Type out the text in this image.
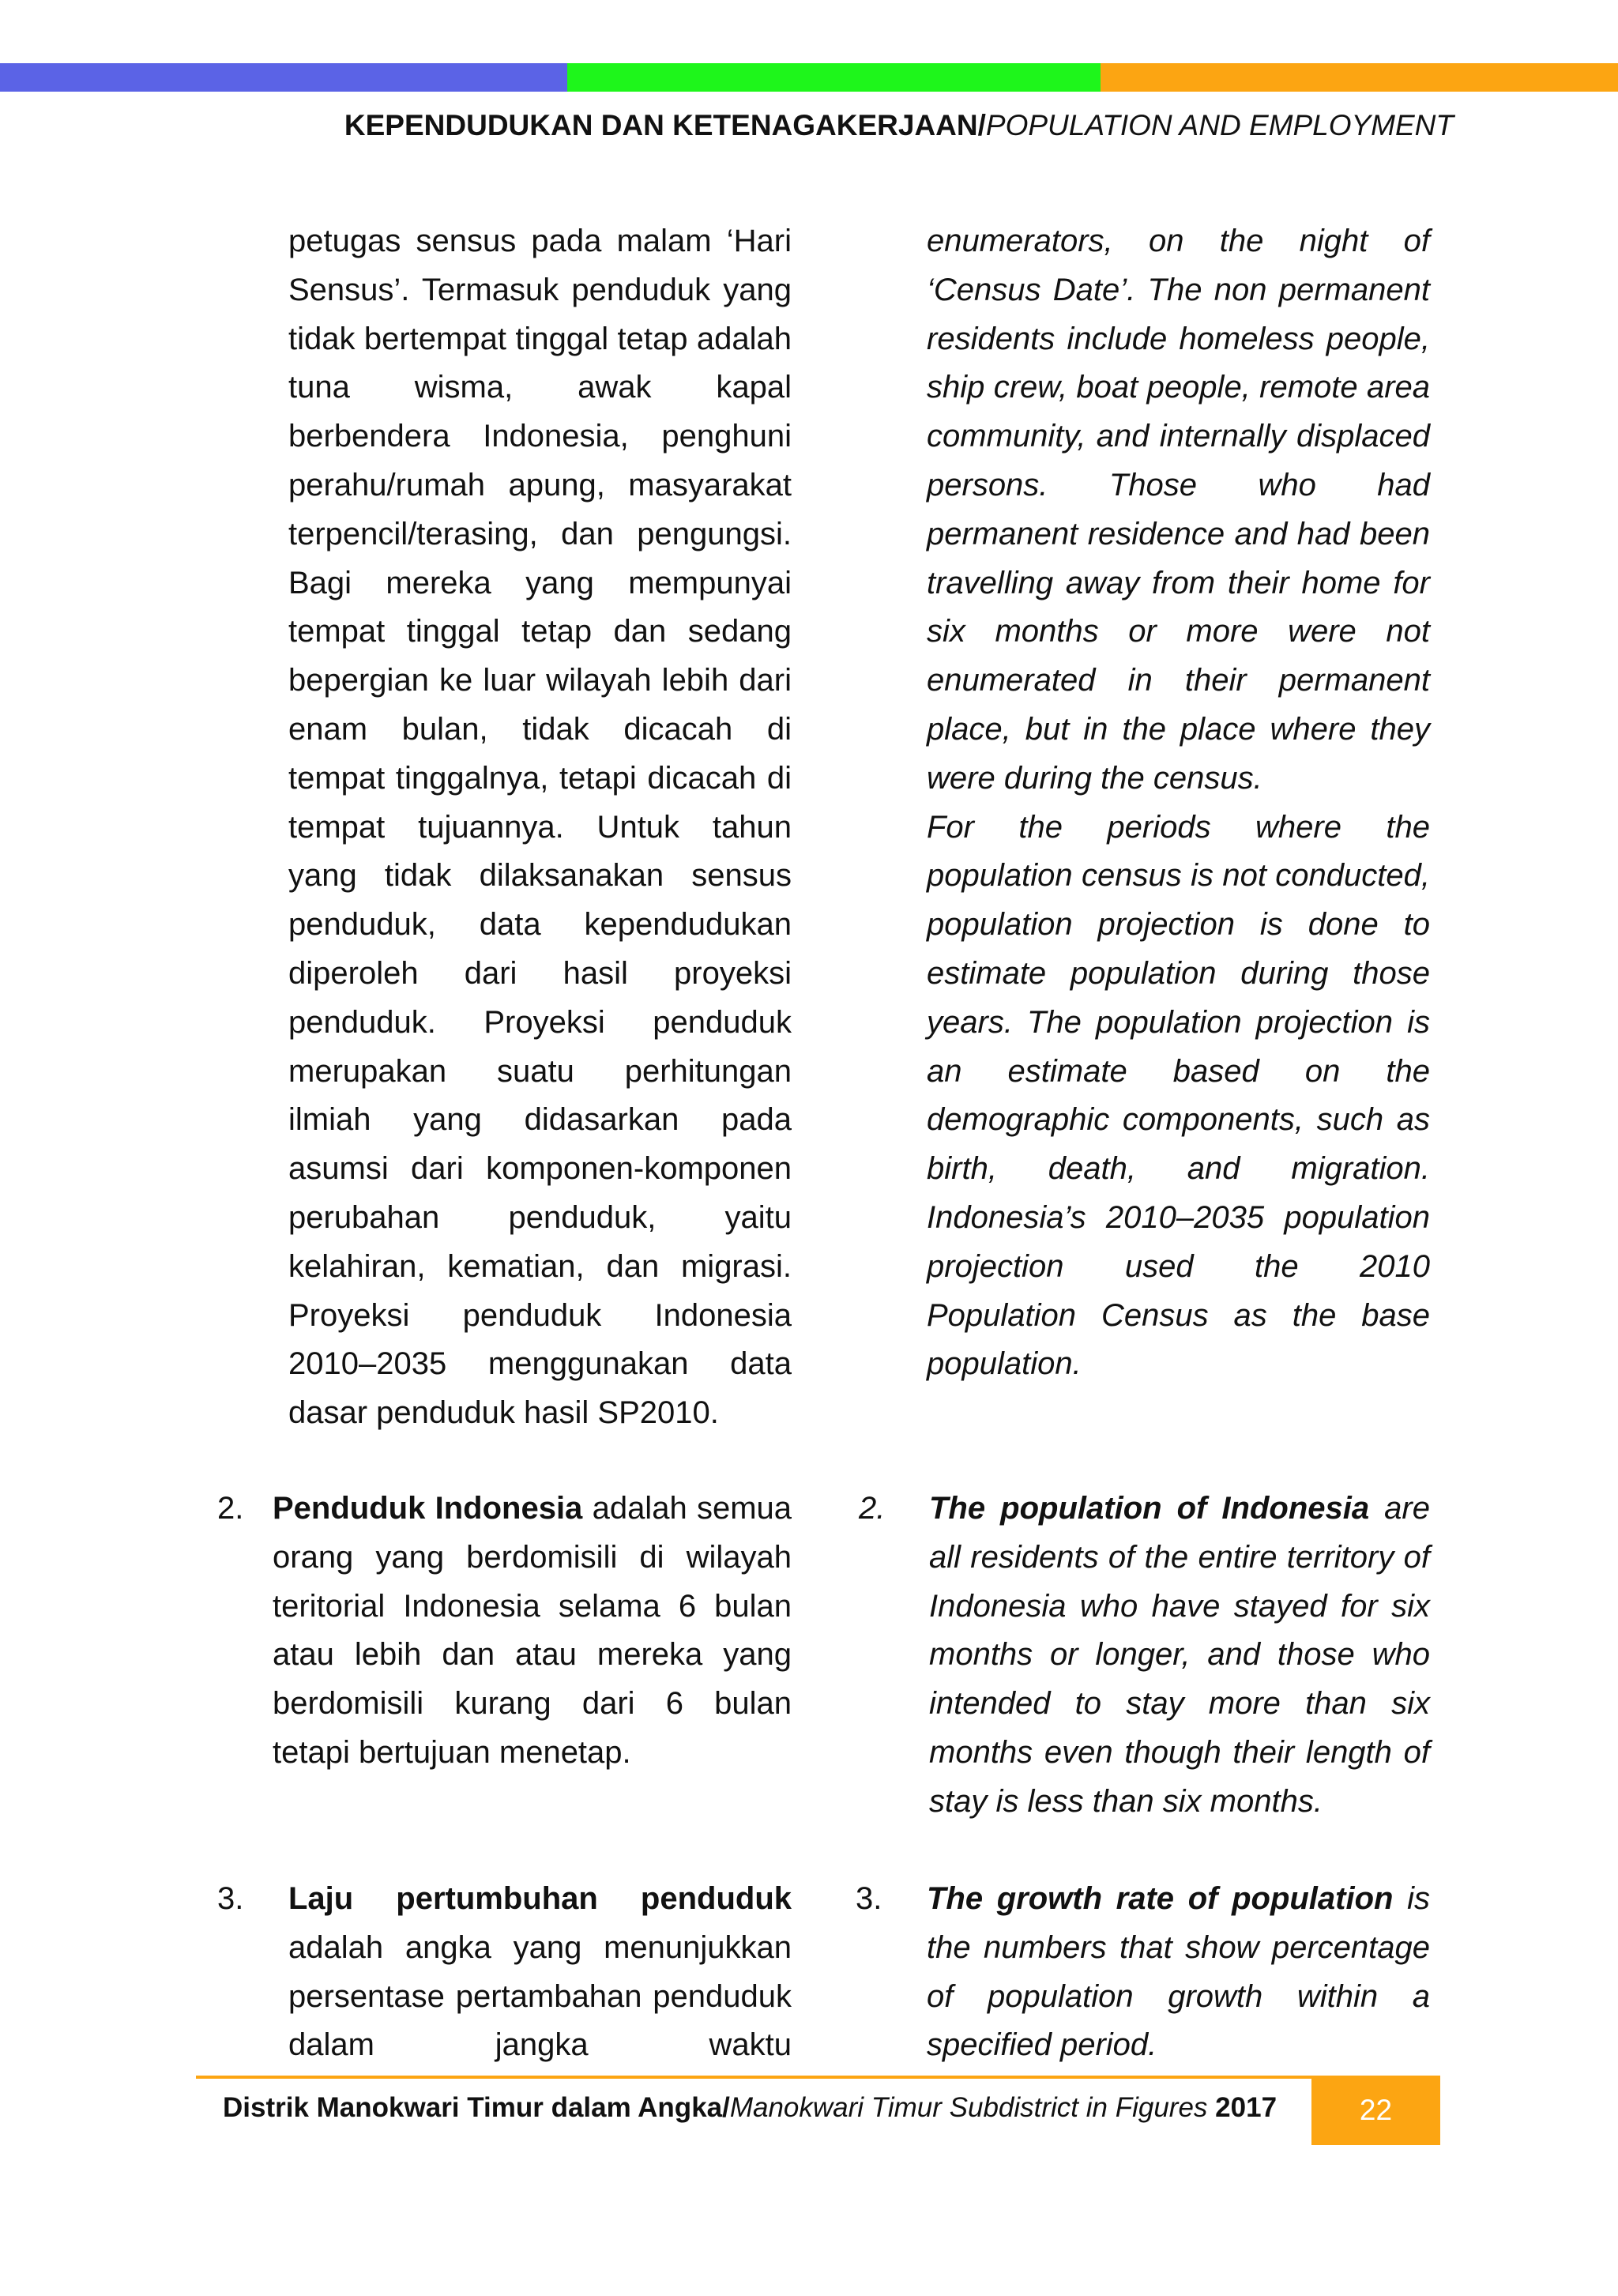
KEPENDUDUKAN DAN KETENAGAKERJAAN/POPULATION AND EMPLOYMENT

petugas sensus pada malam ‘Hari Sensus’. Termasuk penduduk yang tidak bertempat tinggal tetap adalah tuna wisma, awak kapal berbendera Indonesia, penghuni perahu/rumah apung, masyarakat terpencil/terasing, dan pengungsi. Bagi mereka yang mempunyai tempat tinggal tetap dan sedang bepergian ke luar wilayah lebih dari enam bulan, tidak dicacah di tempat tinggalnya, tetapi dicacah di tempat tujuannya. Untuk tahun yang tidak dilaksanakan sensus penduduk, data kependudukan diperoleh dari hasil proyeksi penduduk. Proyeksi penduduk merupakan suatu perhitungan ilmiah yang didasarkan pada asumsi dari komponen-komponen perubahan penduduk, yaitu kelahiran, kematian, dan migrasi. Proyeksi penduduk Indonesia 2010–2035 menggunakan data

dasar penduduk hasil SP2010.

2. Penduduk Indonesia adalah semua orang yang berdomisili di wilayah teritorial Indonesia selama 6 bulan atau lebih dan atau mereka yang berdomisili kurang dari 6 bulan

tetapi bertujuan menetap.

3. Laju pertumbuhan penduduk adalah angka yang menunjukkan persentase pertambahan penduduk dalam jangka waktu

enumerators, on the night of ‘Census Date’. The non permanent residents include homeless people, ship crew, boat people, remote area community, and internally displaced persons. Those who had permanent residence and had been travelling away from their home for six months or more were not enumerated in their permanent place, but in the place where they

were during the census.

For the periods where the population census is not conducted, population projection is done to estimate population during those years. The population projection is an estimate based on the demographic components, such as birth, death, and migration. Indonesia’s 2010–2035 population projection used the 2010 Population Census as the base

population.

2. The population of Indonesia are all residents of the entire territory of Indonesia who have stayed for six months or longer, and those who intended to stay more than six months even though their length of

stay is less than six months.

3. The growth rate of population is the numbers that show percentage of population growth within a

specified period.

Distrik Manokwari Timur dalam Angka/Manokwari Timur Subdistrict in Figures 2017	22
